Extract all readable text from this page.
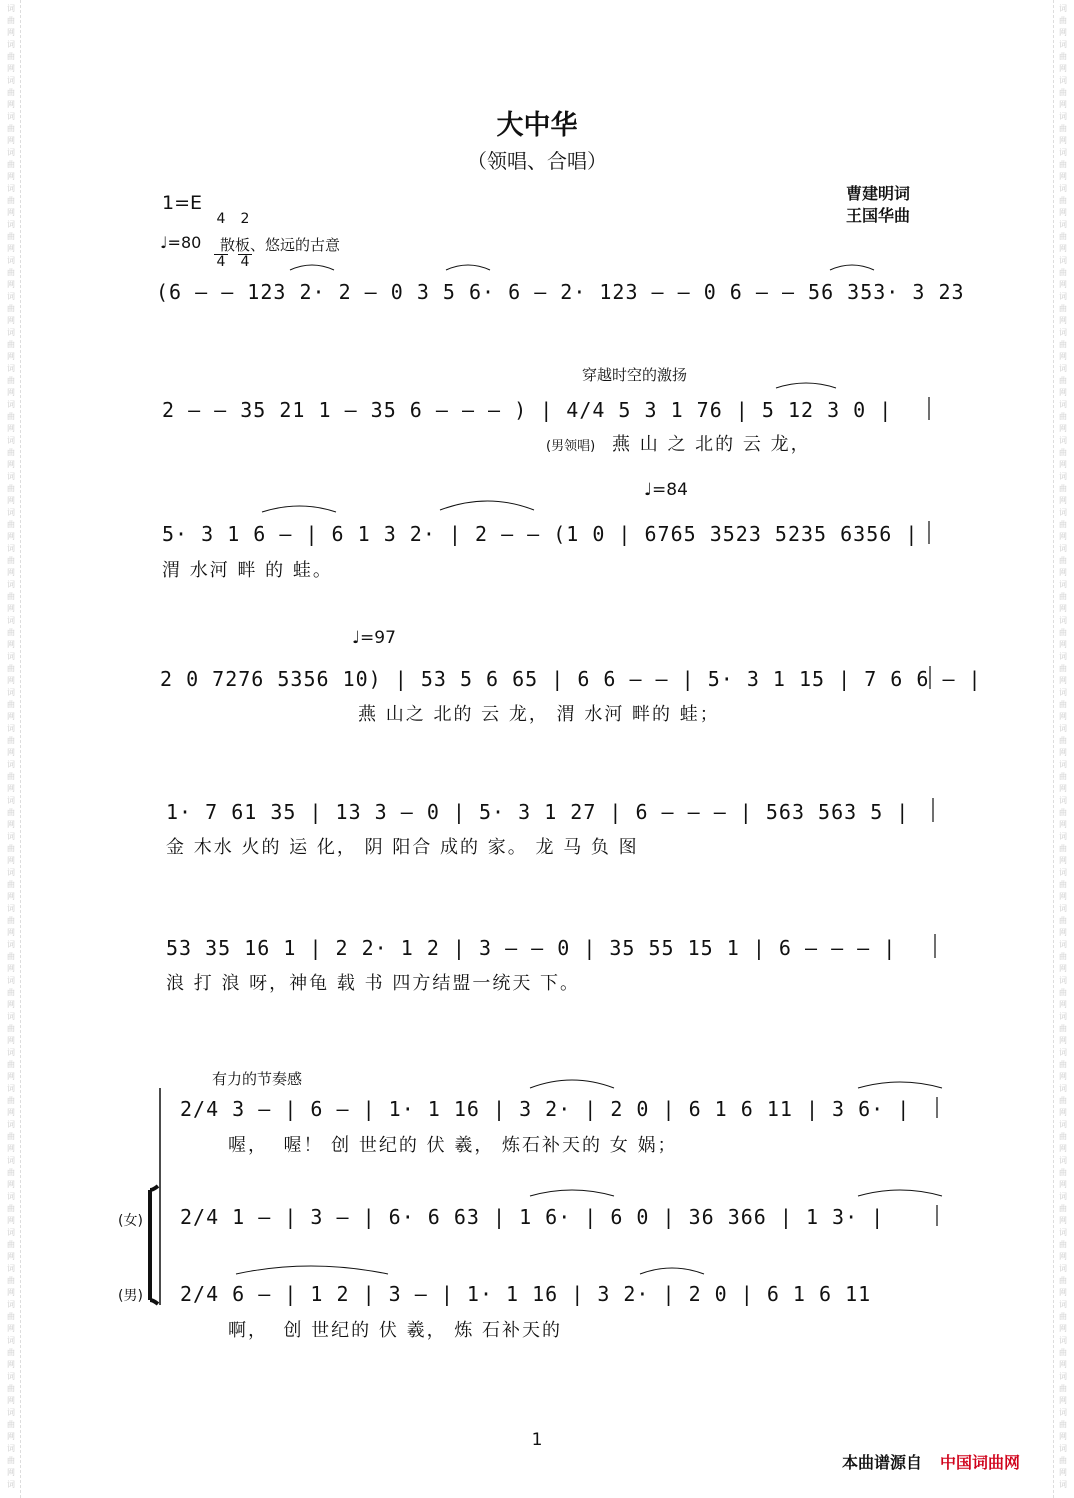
词
曲
网
词
曲
网
词
曲
网
词
曲
网
词
曲
网
词
曲
网
词
曲
网
词
曲
网
词
曲
网
词
曲
网
词
曲
网
词
曲
网
词
曲
网
词
曲
网
词
曲
网
词
曲
网
词
曲
网
词
曲
网
词
曲
网
词
曲
网
词
曲
网
词
曲
网
词
曲
网
词
曲
网
词
曲
网
词
曲
网
词
曲
网
词
曲
网
词
曲
网
词
曲
网
词
曲
网
词
曲
网
词
曲
网
词
曲
网
词
曲
网
词
曲
网
词
曲
网
词
曲
网
词
曲
网
词
曲
网
词
曲
网
词
词
曲
网
词
曲
网
词
曲
网
词
曲
网
词
曲
网
词
曲
网
词
曲
网
词
曲
网
词
曲
网
词
曲
网
词
曲
网
词
曲
网
词
曲
网
词
曲
网
词
曲
网
词
曲
网
词
曲
网
词
曲
网
词
曲
网
词
曲
网
词
曲
网
词
曲
网
词
曲
网
词
曲
网
词
曲
网
词
曲
网
词
曲
网
词
曲
网
词
曲
网
词
曲
网
词
曲
网
词
曲
网
词
曲
网
词
曲
网
词
曲
网
词
曲
网
词
曲
网
词
曲
网
词
曲
网
词
曲
网
词
曲
网
词
大中华
（领唱、合唱）
曹建明词
王国华曲
1=E

4

4

2

4

♩=80 散板、悠远的古意
(6 — — 123 2· 2 — 0 3 5 6· 6 — 2· 123 — — 0 6 — — 56 353· 3 23
穿越时空的激扬
2 — — 35 21 1 — 35 6 — — — ) | 4/4 5 3 1 76 | 5 12 3 0 |
(男领唱) 燕 山 之 北的 云 龙，
♩=84
5· 3 1 6 — | 6 1 3 2· | 2 — — (1 0 | 6765 3523 5235 6356 |
渭 水河 畔 的 蛙。
♩=97
2 0 7276 5356 10) | 53 5 6 65 | 6 6 — — | 5· 3 1 15 | 7 6 6 — |
燕 山之 北的 云 龙， 渭 水河 畔的 蛙；
1· 7 61 35 | 13 3 — 0 | 5· 3 1 27 | 6 — — — | 563 563 5 |
金 木水 火的 运 化， 阴 阳合 成的 家。 龙 马 负 图
53 35 16 1 | 2 2· 1 2 | 3 — — 0 | 35 55 15 1 | 6 — — — |
浪 打 浪 呀，神龟 载 书 四方结盟一统天 下。
有力的节奏感
2/4 3 — | 6 — | 1· 1 16 | 3 2· | 2 0 | 6 1 6 11 | 3 6· |
喔，  喔！ 创 世纪的 伏 羲， 炼石补天的 女 娲；
(女) 2/4 1 — | 3 — | 6· 6 63 | 1 6· | 6 0 | 36 366 | 1 3· |
(男) 2/4 6 — | 1 2 | 3 — | 1· 1 16 | 3 2· | 2 0 | 6 1 6 11
啊，  创 世纪的 伏 羲， 炼 石补天的
1
本曲谱源自 中国词曲网
